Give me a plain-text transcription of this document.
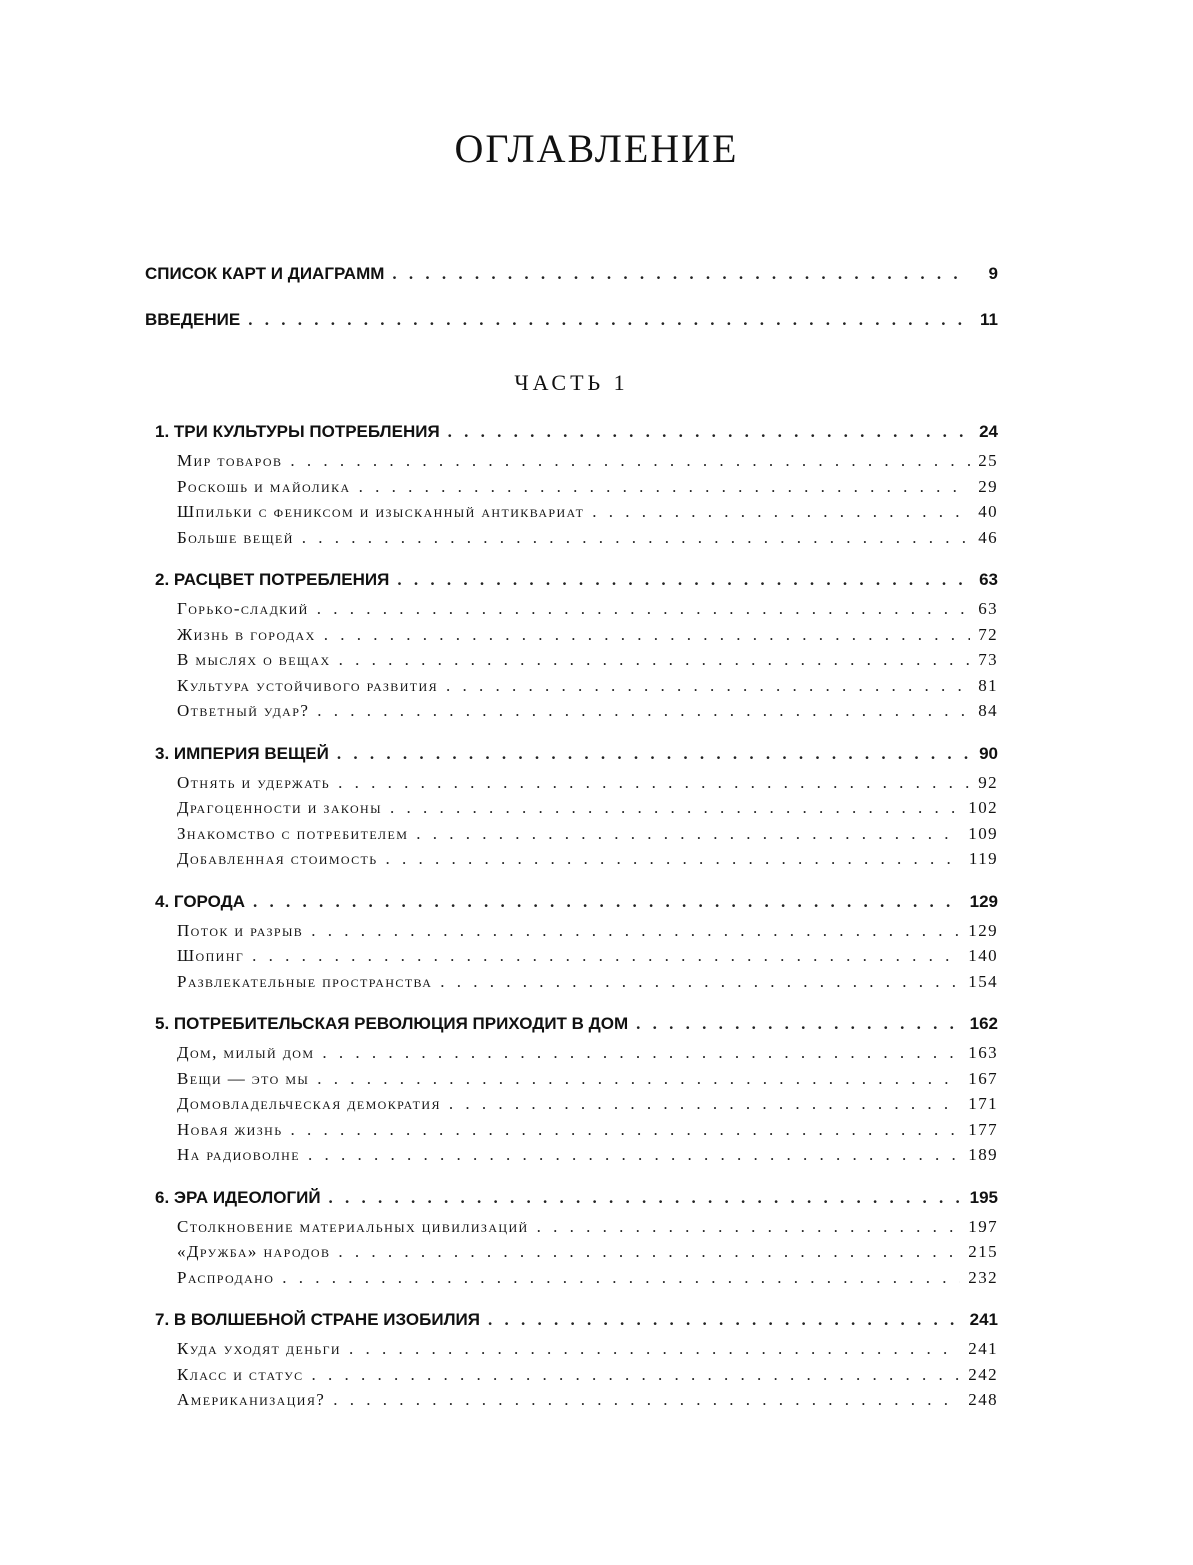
ОГЛАВЛЕНИЕ
СПИСОК КАРТ И ДИАГРАММ . . .	9
ВВЕДЕНИЕ . . .	11
ЧАСТЬ 1
1. ТРИ КУЛЬТУРЫ ПОТРЕБЛЕНИЯ . . .	24
Мир товаров . . .	25
Роскошь и майолика . . .	29
Шпильки с фениксом и изысканный антиквариат . . .	40
Больше вещей . . .	46
2. РАСЦВЕТ ПОТРЕБЛЕНИЯ . . .	63
Горько-сладкий . . .	63
Жизнь в городах . . .	72
В мыслях о вещах . . .	73
Культура устойчивого развития . . .	81
Ответный удар? . . .	84
3. ИМПЕРИЯ ВЕЩЕЙ . . .	90
Отнять и удержать . . .	92
Драгоценности и законы . . .	102
Знакомство с потребителем . . .	109
Добавленная стоимость . . .	119
4. ГОРОДА . . .	129
Поток и разрыв . . .	129
Шопинг . . .	140
Развлекательные пространства . . .	154
5. ПОТРЕБИТЕЛЬСКАЯ РЕВОЛЮЦИЯ ПРИХОДИТ В ДОМ . . .	162
Дом, милый дом . . .	163
Вещи — это мы . . .	167
Домовладельческая демократия . . .	171
Новая жизнь . . .	177
На радиоволне . . .	189
6. ЭРА ИДЕОЛОГИЙ . . .	195
Столкновение материальных цивилизаций . . .	197
«Дружба» народов . . .	215
Распродано . . .	232
7. В ВОЛШЕБНОЙ СТРАНЕ ИЗОБИЛИЯ . . .	241
Куда уходят деньги . . .	241
Класс и статус . . .	242
Американизация? . . .	248
